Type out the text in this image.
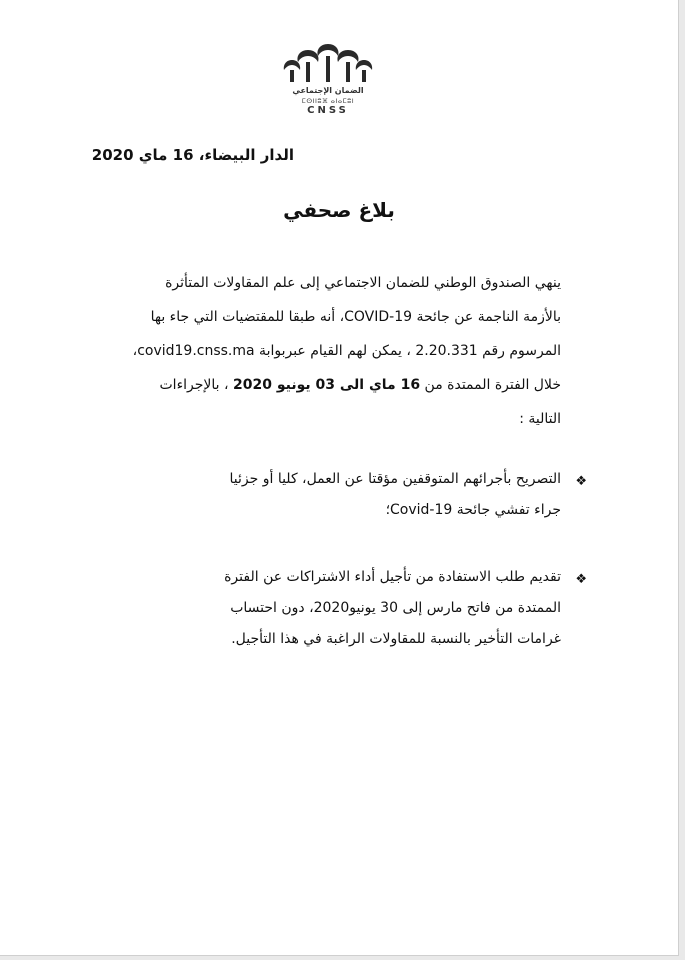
الضمان الإجتماعي
ⵎⵙⵏⵏⵓⴼ ⴰⵏⴰⵎⵓⵏ
CNSS
الدار البيضاء، 16 ماي 2020
بلاغ صحفي
ينهي الصندوق الوطني للضمان الاجتماعي إلى علم المقاولات المتأثرة
بالأزمة الناجمة عن جائحة COVID-19، أنه طبقا للمقتضيات التي جاء بها
المرسوم رقم 2.20.331 ، يمكن لهم القيام عبربوابة covid19.cnss.ma،
خلال الفترة الممتدة من 16 ماي الى 03 يونيو 2020 ، بالإجراءات
التالية :
❖
التصريح بأجرائهم المتوقفين مؤقتا عن العمل، كليا أو جزئيا
جراء تفشي جائحة Covid-19؛
❖
تقديم طلب الاستفادة من تأجيل أداء الاشتراكات عن الفترة
الممتدة من فاتح مارس إلى 30 يونيو2020، دون احتساب
غرامات التأخير بالنسبة للمقاولات الراغبة في هذا التأجيل.
